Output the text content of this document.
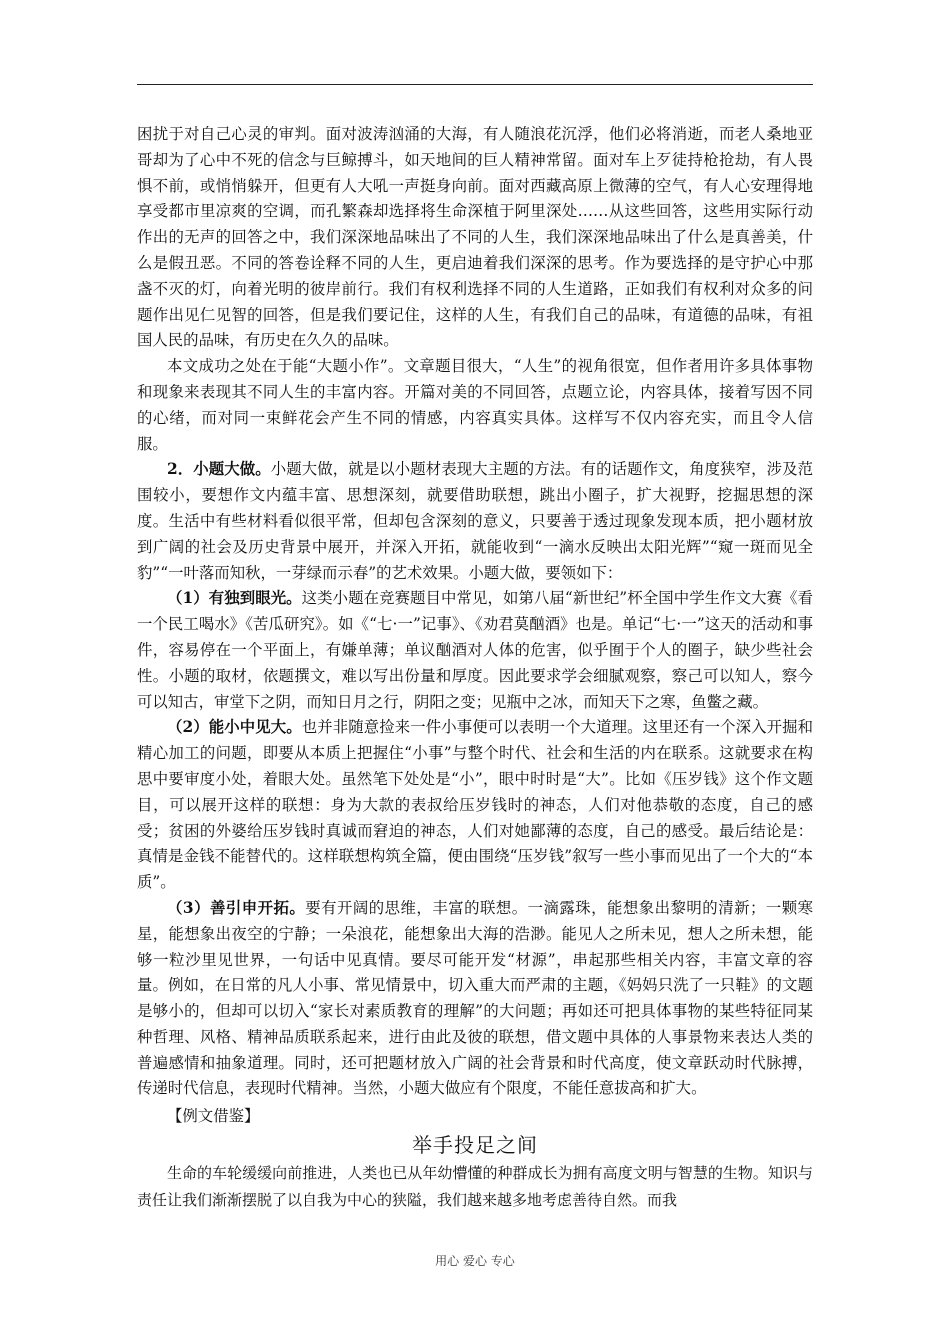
困扰于对自己心灵的审判。面对波涛汹涌的大海，有人随浪花沉浮，他们必将消逝，而老人桑地亚哥却为了心中不死的信念与巨鲸搏斗，如天地间的巨人精神常留。面对车上歹徒持枪抢劫，有人畏惧不前，或悄悄躲开，但更有人大吼一声挺身向前。面对西藏高原上微薄的空气，有人心安理得地享受都市里凉爽的空调，而孔繁森却选择将生命深植于阿里深处……从这些回答，这些用实际行动作出的无声的回答之中，我们深深地品味出了不同的人生，我们深深地品味出了什么是真善美，什么是假丑恶。不同的答卷诠释不同的人生，更启迪着我们深深的思考。作为要选择的是守护心中那盏不灭的灯，向着光明的彼岸前行。我们有权利选择不同的人生道路，正如我们有权利对众多的问题作出见仁见智的回答，但是我们要记住，这样的人生，有我们自己的品味，有道德的品味，有祖国人民的品味，有历史在久久的品味。

本文成功之处在于能“大题小作”。文章题目很大，“人生”的视角很宽，但作者用许多具体事物和现象来表现其不同人生的丰富内容。开篇对美的不同回答，点题立论，内容具体，接着写因不同的心绪，而对同一束鲜花会产生不同的情感，内容真实具体。这样写不仅内容充实，而且令人信服。

2．小题大做。小题大做，就是以小题材表现大主题的方法。有的话题作文，角度狭窄，涉及范围较小，要想作文内蕴丰富、思想深刻，就要借助联想，跳出小圈子，扩大视野，挖掘思想的深度。生活中有些材料看似很平常，但却包含深刻的意义，只要善于透过现象发现本质，把小题材放到广阔的社会及历史背景中展开，并深入开拓，就能收到“一滴水反映出太阳光辉”“窥一斑而见全豹”“一叶落而知秋，一芽绿而示春”的艺术效果。小题大做，要领如下：

（1）有独到眼光。这类小题在竞赛题目中常见，如第八届“新世纪”杯全国中学生作文大赛《看一个民工喝水》《苦瓜研究》。如《“七·一”记事》、《劝君莫酗酒》也是。单记“七·一”这天的活动和事件，容易停在一个平面上，有嫌单薄；单议酗酒对人体的危害，似乎囿于个人的圈子，缺少些社会性。小题的取材，依题撰文，难以写出份量和厚度。因此要求学会细腻观察，察己可以知人，察今可以知古，审堂下之阴，而知日月之行，阴阳之变；见瓶中之冰，而知天下之寒，鱼鳖之藏。

（2）能小中见大。也并非随意捡来一件小事便可以表明一个大道理。这里还有一个深入开掘和精心加工的问题，即要从本质上把握住“小事”与整个时代、社会和生活的内在联系。这就要求在构思中要审度小处，着眼大处。虽然笔下处处是“小”，眼中时时是“大”。比如《压岁钱》这个作文题目，可以展开这样的联想：身为大款的表叔给压岁钱时的神态，人们对他恭敬的态度，自己的感受；贫困的外婆给压岁钱时真诚而窘迫的神态，人们对她鄙薄的态度，自己的感受。最后结论是：真情是金钱不能替代的。这样联想构筑全篇，便由围绕“压岁钱”叙写一些小事而见出了一个大的“本质”。

（3）善引申开拓。要有开阔的思维，丰富的联想。一滴露珠，能想象出黎明的清新；一颗寒星，能想象出夜空的宁静；一朵浪花，能想象出大海的浩渺。能见人之所未见，想人之所未想，能够一粒沙里见世界，一句话中见真情。要尽可能开发“材源”，串起那些相关内容，丰富文章的容量。例如，在日常的凡人小事、常见情景中，切入重大而严肃的主题，《妈妈只洗了一只鞋》的文题是够小的，但却可以切入“家长对素质教育的理解”的大问题；再如还可把具体事物的某些特征同某种哲理、风格、精神品质联系起来，进行由此及彼的联想，借文题中具体的人事景物来表达人类的普遍感情和抽象道理。同时，还可把题材放入广阔的社会背景和时代高度，使文章跃动时代脉搏，传递时代信息，表现时代精神。当然，小题大做应有个限度，不能任意拔高和扩大。

【例文借鉴】

举手投足之间

生命的车轮缓缓向前推进，人类也已从年幼懵懂的种群成长为拥有高度文明与智慧的生物。知识与责任让我们渐渐摆脱了以自我为中心的狭隘，我们越来越多地考虑善待自然。而我

用心 爱心 专心
